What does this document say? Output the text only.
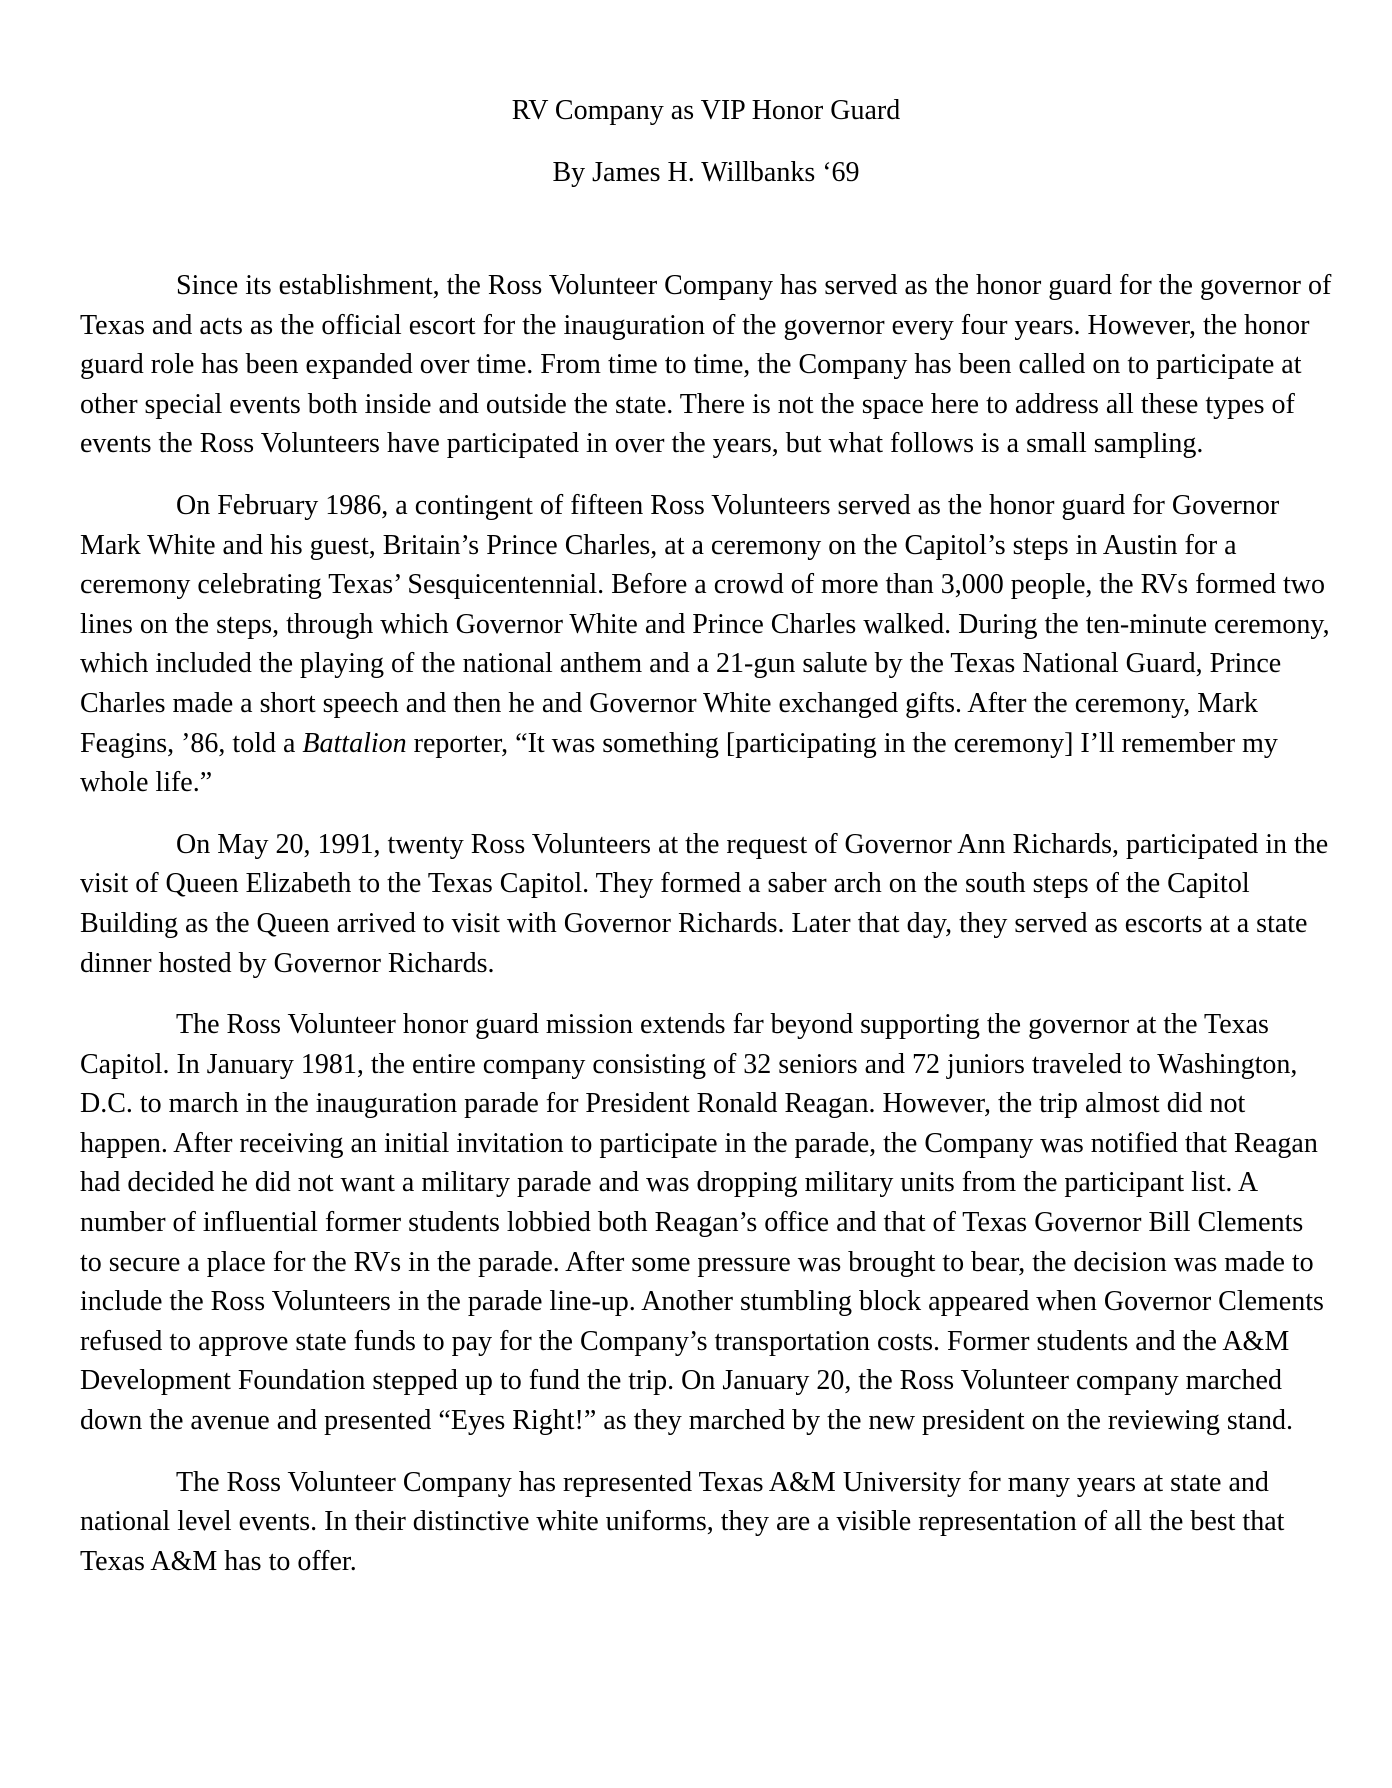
RV Company as VIP Honor Guard
By James H. Willbanks ‘69

Since its establishment, the Ross Volunteer Company has served as the honor guard for the governor of Texas and acts as the official escort for the inauguration of the governor every four years. However, the honor guard role has been expanded over time. From time to time, the Company has been called on to participate at other special events both inside and outside the state. There is not the space here to address all these types of events the Ross Volunteers have participated in over the years, but what follows is a small sampling.

On February 1986, a contingent of fifteen Ross Volunteers served as the honor guard for Governor Mark White and his guest, Britain’s Prince Charles, at a ceremony on the Capitol’s steps in Austin for a ceremony celebrating Texas’ Sesquicentennial. Before a crowd of more than 3,000 people, the RVs formed two lines on the steps, through which Governor White and Prince Charles walked. During the ten-minute ceremony, which included the playing of the national anthem and a 21-gun salute by the Texas National Guard, Prince Charles made a short speech and then he and Governor White exchanged gifts. After the ceremony, Mark Feagins, ’86, told a Battalion reporter, “It was something [participating in the ceremony] I’ll remember my whole life.”

On May 20, 1991, twenty Ross Volunteers at the request of Governor Ann Richards, participated in the visit of Queen Elizabeth to the Texas Capitol. They formed a saber arch on the south steps of the Capitol Building as the Queen arrived to visit with Governor Richards. Later that day, they served as escorts at a state dinner hosted by Governor Richards.

The Ross Volunteer honor guard mission extends far beyond supporting the governor at the Texas Capitol. In January 1981, the entire company consisting of 32 seniors and 72 juniors traveled to Washington, D.C. to march in the inauguration parade for President Ronald Reagan. However, the trip almost did not happen. After receiving an initial invitation to participate in the parade, the Company was notified that Reagan had decided he did not want a military parade and was dropping military units from the participant list. A number of influential former students lobbied both Reagan’s office and that of Texas Governor Bill Clements to secure a place for the RVs in the parade. After some pressure was brought to bear, the decision was made to include the Ross Volunteers in the parade line-up. Another stumbling block appeared when Governor Clements refused to approve state funds to pay for the Company’s transportation costs. Former students and the A&M Development Foundation stepped up to fund the trip. On January 20, the Ross Volunteer company marched down the avenue and presented “Eyes Right!” as they marched by the new president on the reviewing stand.

The Ross Volunteer Company has represented Texas A&M University for many years at state and national level events. In their distinctive white uniforms, they are a visible representation of all the best that Texas A&M has to offer.
